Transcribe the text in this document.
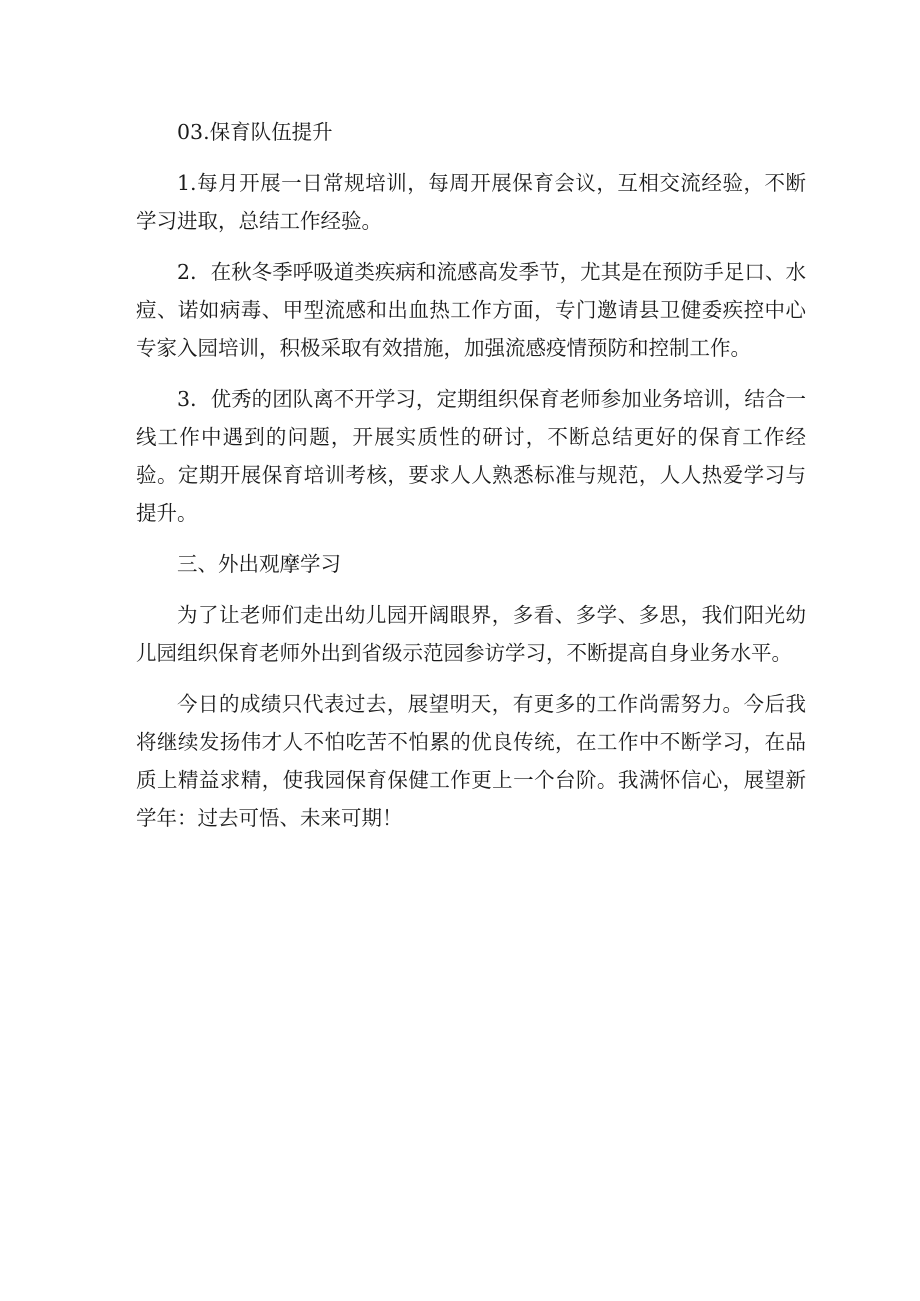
03.保育队伍提升

1.每月开展一日常规培训，每周开展保育会议，互相交流经验，不断学习进取，总结工作经验。

2．在秋冬季呼吸道类疾病和流感高发季节，尤其是在预防手足口、水痘、诺如病毒、甲型流感和出血热工作方面，专门邀请县卫健委疾控中心专家入园培训，积极采取有效措施，加强流感疫情预防和控制工作。

3．优秀的团队离不开学习，定期组织保育老师参加业务培训，结合一线工作中遇到的问题，开展实质性的研讨，不断总结更好的保育工作经验。定期开展保育培训考核，要求人人熟悉标准与规范，人人热爱学习与提升。

三、外出观摩学习

为了让老师们走出幼儿园开阔眼界，多看、多学、多思，我们阳光幼儿园组织保育老师外出到省级示范园参访学习，不断提高自身业务水平。

今日的成绩只代表过去，展望明天，有更多的工作尚需努力。今后我将继续发扬伟才人不怕吃苦不怕累的优良传统，在工作中不断学习，在品质上精益求精，使我园保育保健工作更上一个台阶。我满怀信心，展望新学年：过去可悟、未来可期！
